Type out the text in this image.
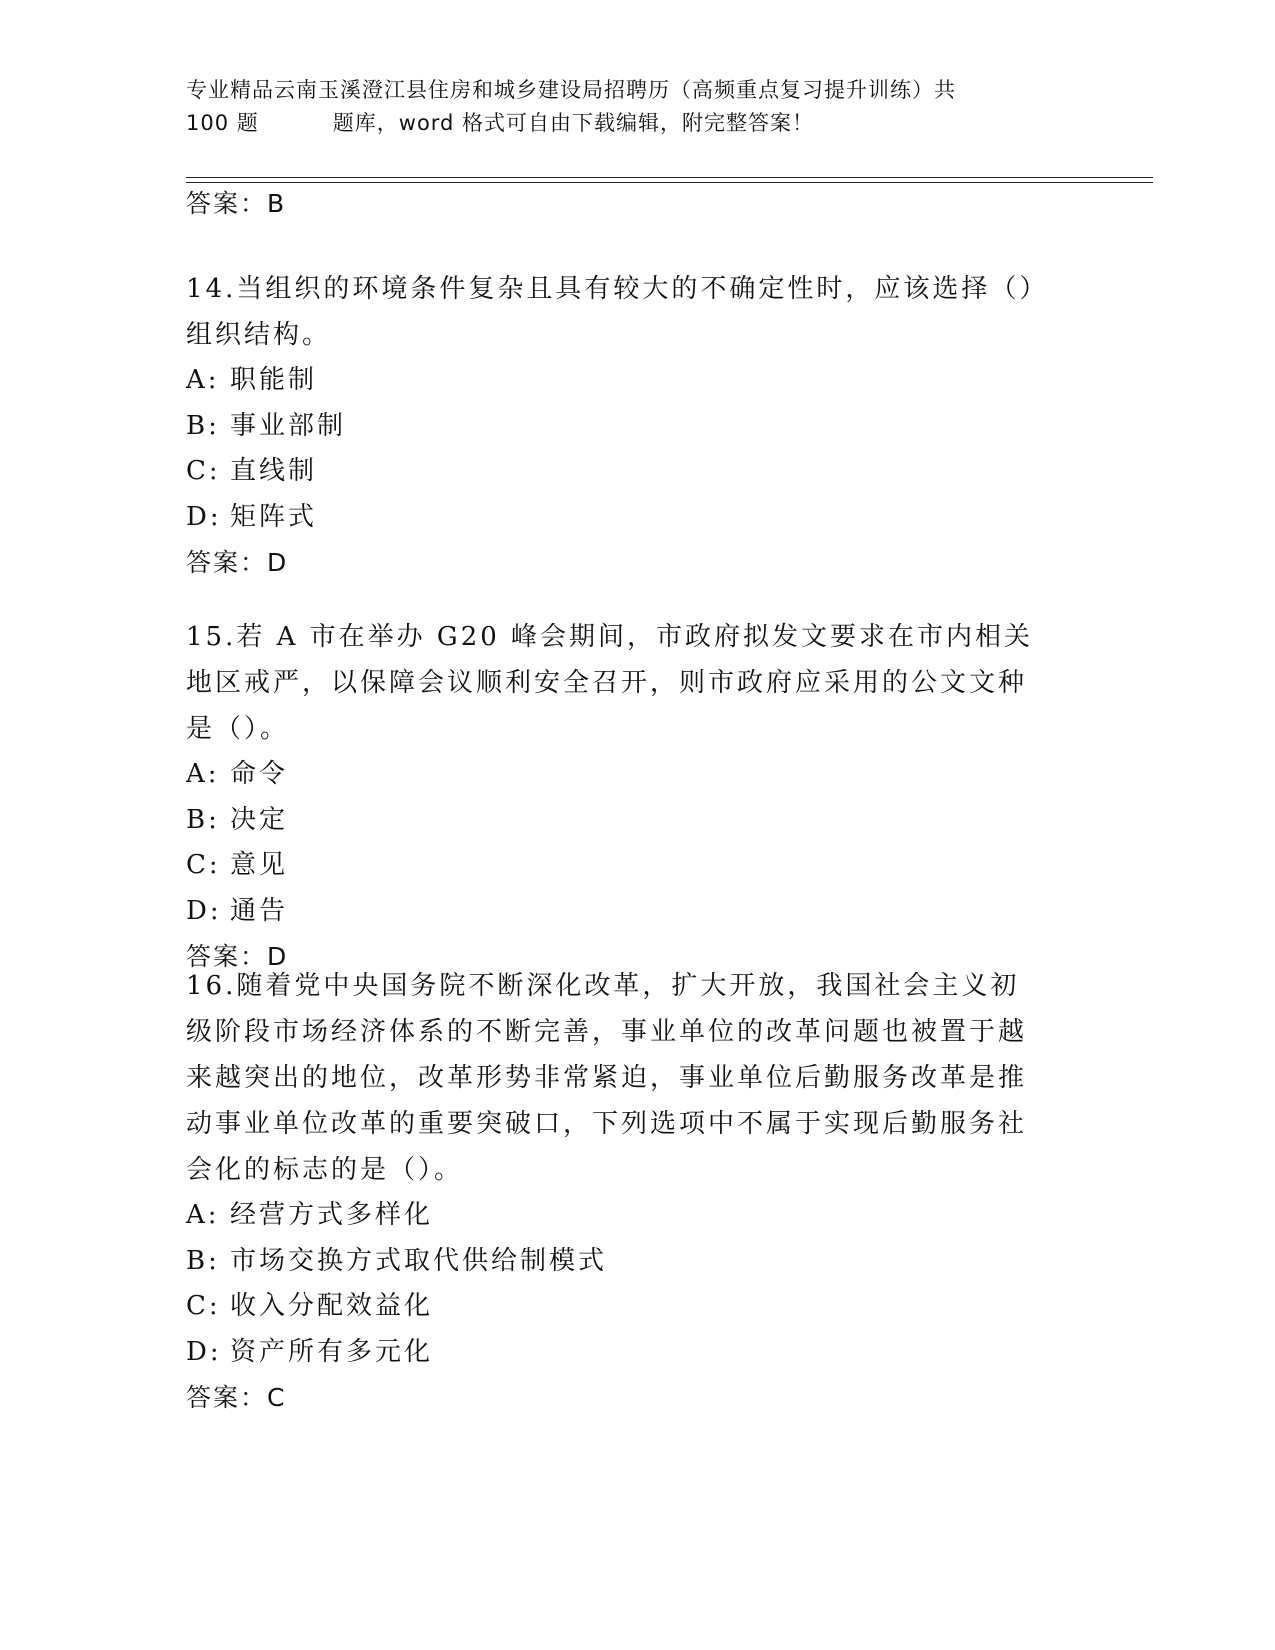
专业精品云南玉溪澄江县住房和城乡建设局招聘历（高频重点复习提升训练）共
100 题	题库，word 格式可自由下载编辑，附完整答案！
答案：B

14.当组织的环境条件复杂且具有较大的不确定性时，应该选择（）组织结构。

A: 职能制
B: 事业部制
C: 直线制
D: 矩阵式
答案：D

15.若 A 市在举办 G20 峰会期间，市政府拟发文要求在市内相关地区戒严，以保障会议顺利安全召开，则市政府应采用的公文文种是（）。

A: 命令
B: 决定
C: 意见
D: 通告
答案：D

16.随着党中央国务院不断深化改革，扩大开放，我国社会主义初级阶段市场经济体系的不断完善，事业单位的改革问题也被置于越来越突出的地位，改革形势非常紧迫，事业单位后勤服务改革是推动事业单位改革的重要突破口，下列选项中不属于实现后勤服务社会化的标志的是（）。

A: 经营方式多样化
B: 市场交换方式取代供给制模式
C: 收入分配效益化
D: 资产所有多元化
答案：C
